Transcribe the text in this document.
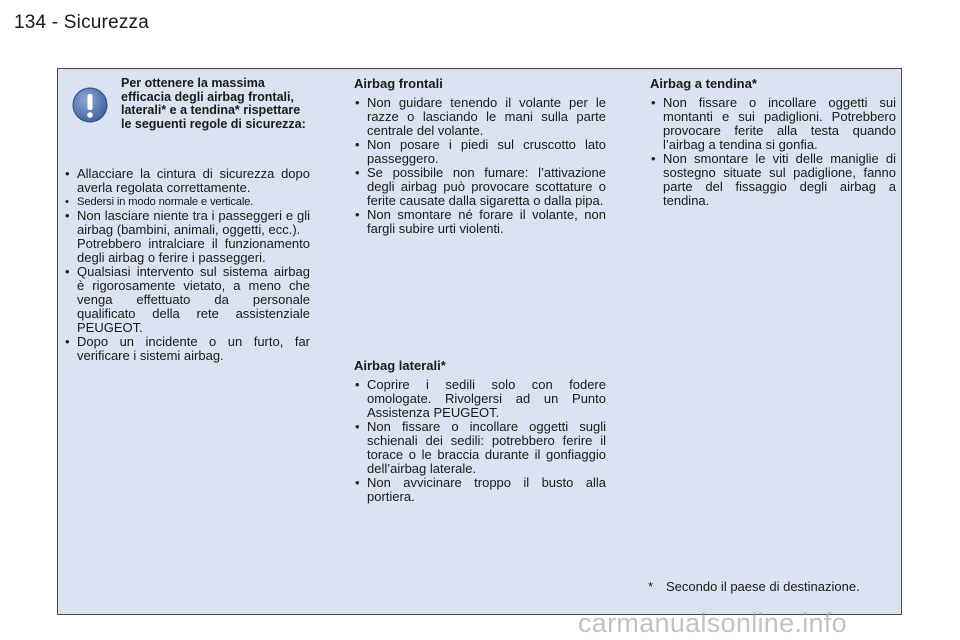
134 - Sicurezza
Per ottenere la massima efficacia degli airbag frontali, laterali* e a tendina* rispettare le seguenti regole di sicurezza:
• Allacciare la cintura di sicurezza dopo averla regolata correttamente.
• Sedersi in modo normale e verticale.
• Non lasciare niente tra i passeggeri e gli airbag (bambini, animali, oggetti, ecc.).
Potrebbero intralciare il funzionamento degli airbag o ferire i passeggeri.
• Qualsiasi intervento sul sistema airbag è rigorosamente vietato, a meno che venga effettuato da personale qualificato della rete assistenziale PEUGEOT.
• Dopo un incidente o un furto, far verificare i sistemi airbag.
Airbag frontali
• Non guidare tenendo il volante per le razze o lasciando le mani sulla parte centrale del volante.
• Non posare i piedi sul cruscotto lato passeggero.
• Se possibile non fumare: l’attivazione degli airbag può provocare scottature o ferite causate dalla sigaretta o dalla pipa.
• Non smontare né forare il volante, non fargli subire urti violenti.
Airbag laterali*
• Coprire i sedili solo con fodere omologate. Rivolgersi ad un Punto Assistenza PEUGEOT.
• Non fissare o incollare oggetti sugli schienali dei sedili: potrebbero ferire il torace o le braccia durante il gonfiaggio dell’airbag laterale.
• Non avvicinare troppo il busto alla portiera.
Airbag a tendina*
• Non fissare o incollare oggetti sui montanti e sui padiglioni. Potrebbero provocare ferite alla testa quando l’airbag a tendina si gonfia.
• Non smontare le viti delle maniglie di sostegno situate sul padiglione, fanno parte del fissaggio degli airbag a tendina.
* Secondo il paese di destinazione.
carmanualsonline.info
